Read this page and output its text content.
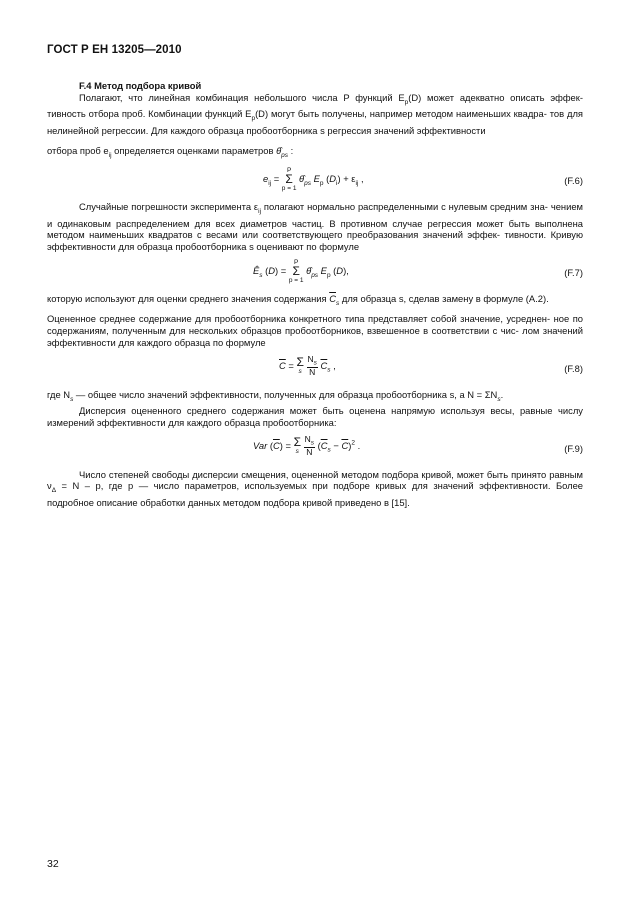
ГОСТ Р ЕН 13205—2010
F.4 Метод подбора кривой

Полагают, что линейная комбинация небольшого числа P функций $E_p(D)$ может адекватно описать эффек- тивность отбора проб. Комбинации функций $E_p(D)$ могут быть получены, например методом наименьших квадра- тов для нелинейной регрессии. Для каждого образца пробоотборника s регрессия значений эффективности

отбора проб $e_{ij}$ определяется оценками параметров $\thetâ_{ps}$ :

$e_{ij} = P$
Σ
p = 1 $\thetâ_{ps}$ $E_p$ $(D_i) + \varepsilon_{ij}$ ,	(F.6)

Случайные погрешности эксперимента $\varepsilon_{ij}$ полагают нормально распределенными с нулевым средним зна- чением и одинаковым распределением для всех диаметров частиц. В противном случае регрессия может быть выполнена методом наименьших квадратов с весами или соответствующего преобразования значений эффек- тивности. Кривую эффективности для образца пробоотборника s оценивают по формуле

$Ê_s$ (D) = P
Σ
p = 1 $\thetâ_{ps}$ $E_p$ (D),	(F.7)

которую используют для оценки среднего значения содержания $\overline{C}_s$ для образца s, сделав замену в формуле (A.2).

Оцененное среднее содержание для пробоотборника конкретного типа представляет собой значение, усреднен- ное по содержаниям, полученным для нескольких образцов пробоотборников, взвешенное в соответствии с чис- лом значений эффективности для каждого образца по формуле

$\overline{C} = \Sigma$
s $\frac{N_s}{N} \overline{C}_s$ ,	(F.8)

где $N_s$ — общее число значений эффективности, полученных для образца пробоотборника s, а $N = \Sigma N_s$.

Дисперсия оцененного среднего содержания может быть оценена напрямую используя весы, равные числу измерений эффективности для каждого образца пробоотборника:

Var $(\overline{C}) = \Sigma$
s $\frac{N_s}{N} (\overline{C}_s - \overline{C})^2$ .	(F.9)

Число степеней свободы дисперсии смещения, оцененной методом подбора кривой, может быть принято равным $\nu_\Delta = N - p$, где p — число параметров, используемых при подборе кривых для значений эффективности. Более подробное описание обработки данных методом подбора кривой приведено в [15].

32
